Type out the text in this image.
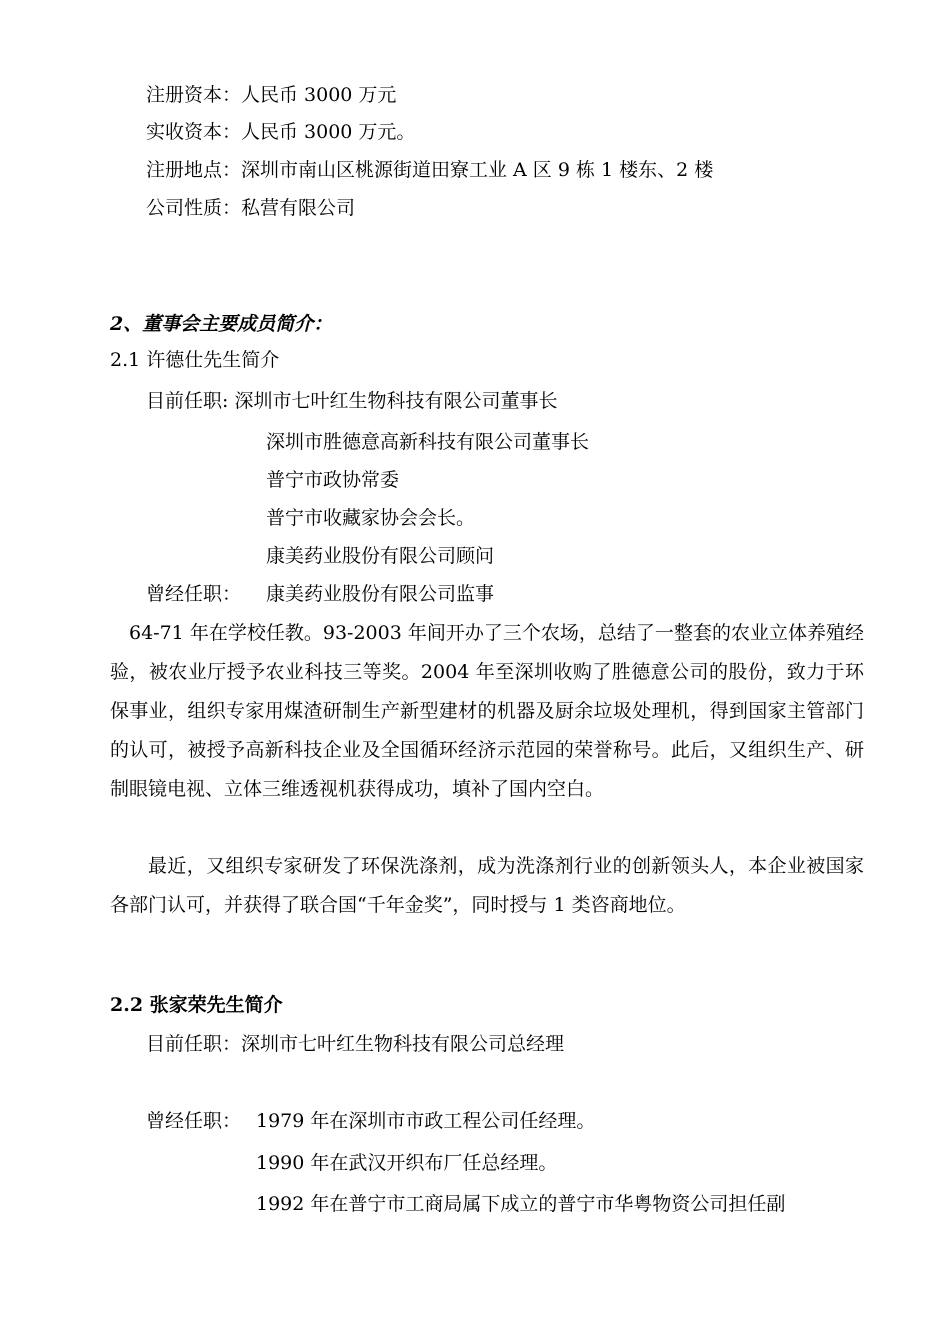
注册资本：人民币 3000 万元
实收资本：人民币 3000 万元。
注册地点：深圳市南山区桃源街道田寮工业 A 区 9 栋 1 楼东、2 楼
公司性质：私营有限公司
2、董事会主要成员简介：
2.1 许德仕先生简介
目前任职: 深圳市七叶红生物科技有限公司董事长
深圳市胜德意高新科技有限公司董事长
普宁市政协常委
普宁市收藏家协会会长。
康美药业股份有限公司顾问
曾经任职： 康美药业股份有限公司监事
64-71 年在学校任教。93-2003 年间开办了三个农场，总结了一整套的农业立体养殖经验，被农业厅授予农业科技三等奖。2004 年至深圳收购了胜德意公司的股份，致力于环保事业，组织专家用煤渣研制生产新型建材的机器及厨余垃圾处理机，得到国家主管部门的认可，被授予高新科技企业及全国循环经济示范园的荣誉称号。此后，又组织生产、研制眼镜电视、立体三维透视机获得成功，填补了国内空白。
最近，又组织专家研发了环保洗涤剂，成为洗涤剂行业的创新领头人，本企业被国家各部门认可，并获得了联合国“千年金奖”，同时授与 1 类咨商地位。
2.2 张家荣先生简介
目前任职：深圳市七叶红生物科技有限公司总经理
曾经任职： 1979 年在深圳市市政工程公司任经理。
1990 年在武汉开织布厂任总经理。
1992 年在普宁市工商局属下成立的普宁市华粤物资公司担任副
